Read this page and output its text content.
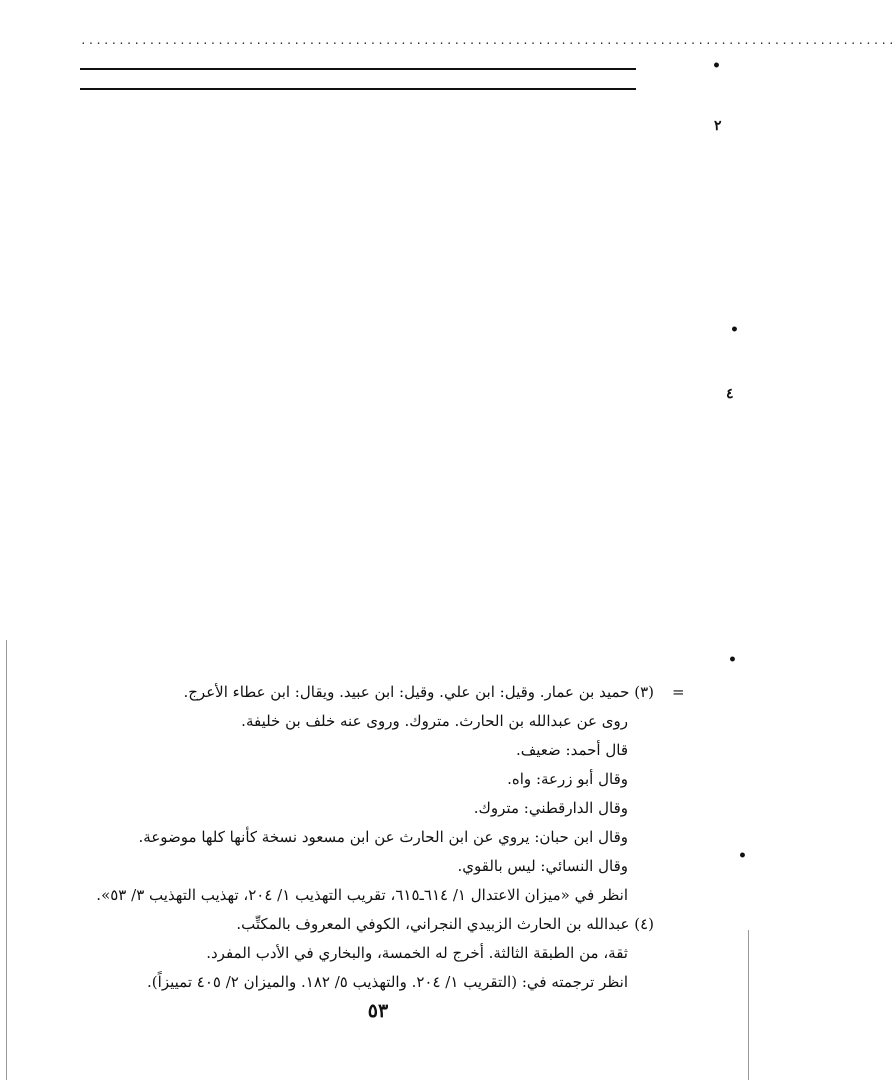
...........................................................................................................
•
٢
•
٤
•
•
=
(٣) حميد بن عمار. وقيل: ابن علي. وقيل: ابن عبيد. ويقال: ابن عطاء الأعرج.
روى عن عبدالله بن الحارث. متروك. وروى عنه خلف بن خليفة.
قال أحمد: ضعيف.
وقال أبو زرعة: واه.
وقال الدارقطني: متروك.
وقال ابن حبان: يروي عن ابن الحارث عن ابن مسعود نسخة كأنها كلها موضوعة.
وقال النسائي: ليس بالقوي.
انظر في «ميزان الاعتدال ١/ ٦١٤ـ٦١٥، تقريب التهذيب ١/ ٢٠٤، تهذيب التهذيب ٣/ ٥٣».
(٤) عبدالله بن الحارث الزبيدي النجراني، الكوفي المعروف بالمكتِّب.
ثقة، من الطبقة الثالثة. أخرج له الخمسة، والبخاري في الأدب المفرد.
انظر ترجمته في: (التقريب ١/ ٢٠٤. والتهذيب ٥/ ١٨٢. والميزان ٢/ ٤٠٥ تمييزاً).
٥٣
